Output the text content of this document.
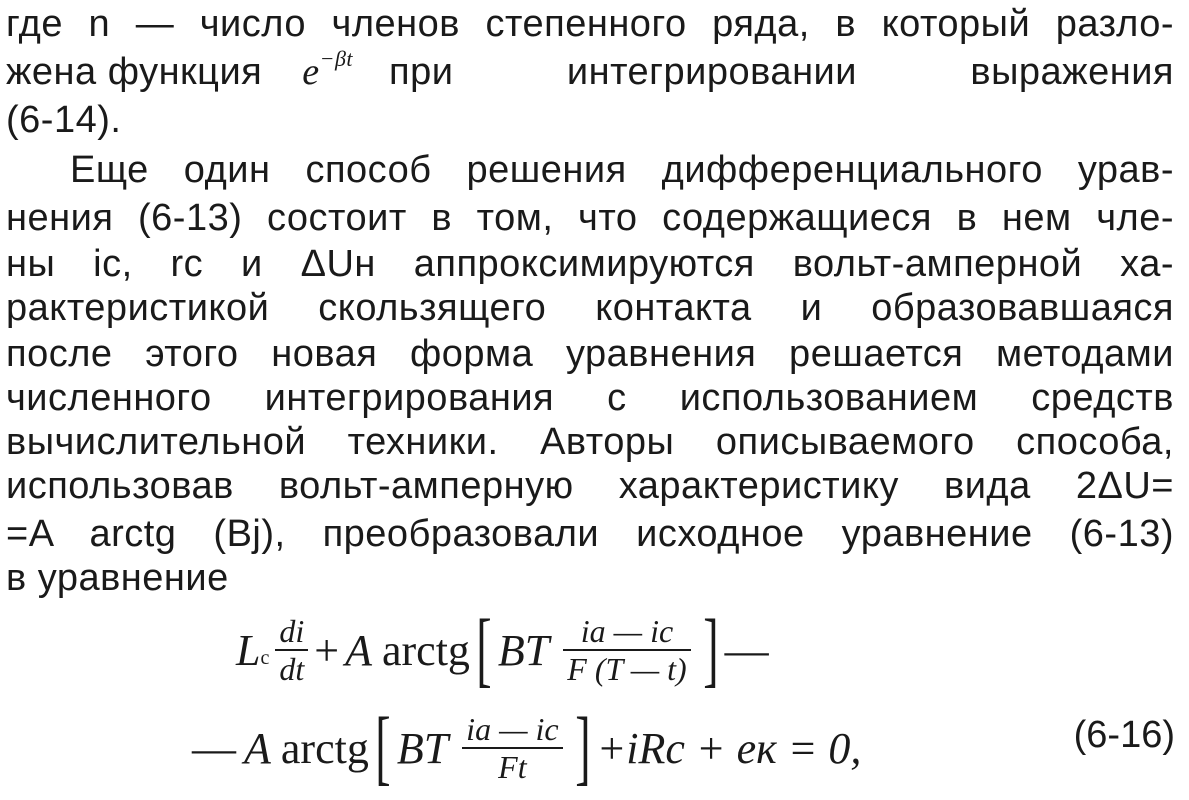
где n — число членов степенного ряда, в который разло-
жена функция $e^{-\beta t}$ при интегрировании выражения
(6-14).
Еще один способ решения дифференциального урав-
нения (6-13) состоит в том, что содержащиеся в нем чле-
ны iс, rс и ΔUн аппроксимируются вольт-амперной ха-
рактеристикой скользящего контакта и образовавшаяся
после этого новая форма уравнения решается методами
численного интегрирования с использованием средств
вычислительной техники. Авторы описываемого способа,
использовав вольт-амперную характеристику вида 2ΔU=
=A arctg (Bj), преобразовали исходное уравнение (6-13)
в уравнение
L с $\frac{di}{dt} + A$ arctg [ BT $\frac{iа — iс}{F (T — t)}$ ] —
— A arctg [ BT $\frac{iа — iс}{Ft}$ ] +iRс + eк = 0,	(6-16)
